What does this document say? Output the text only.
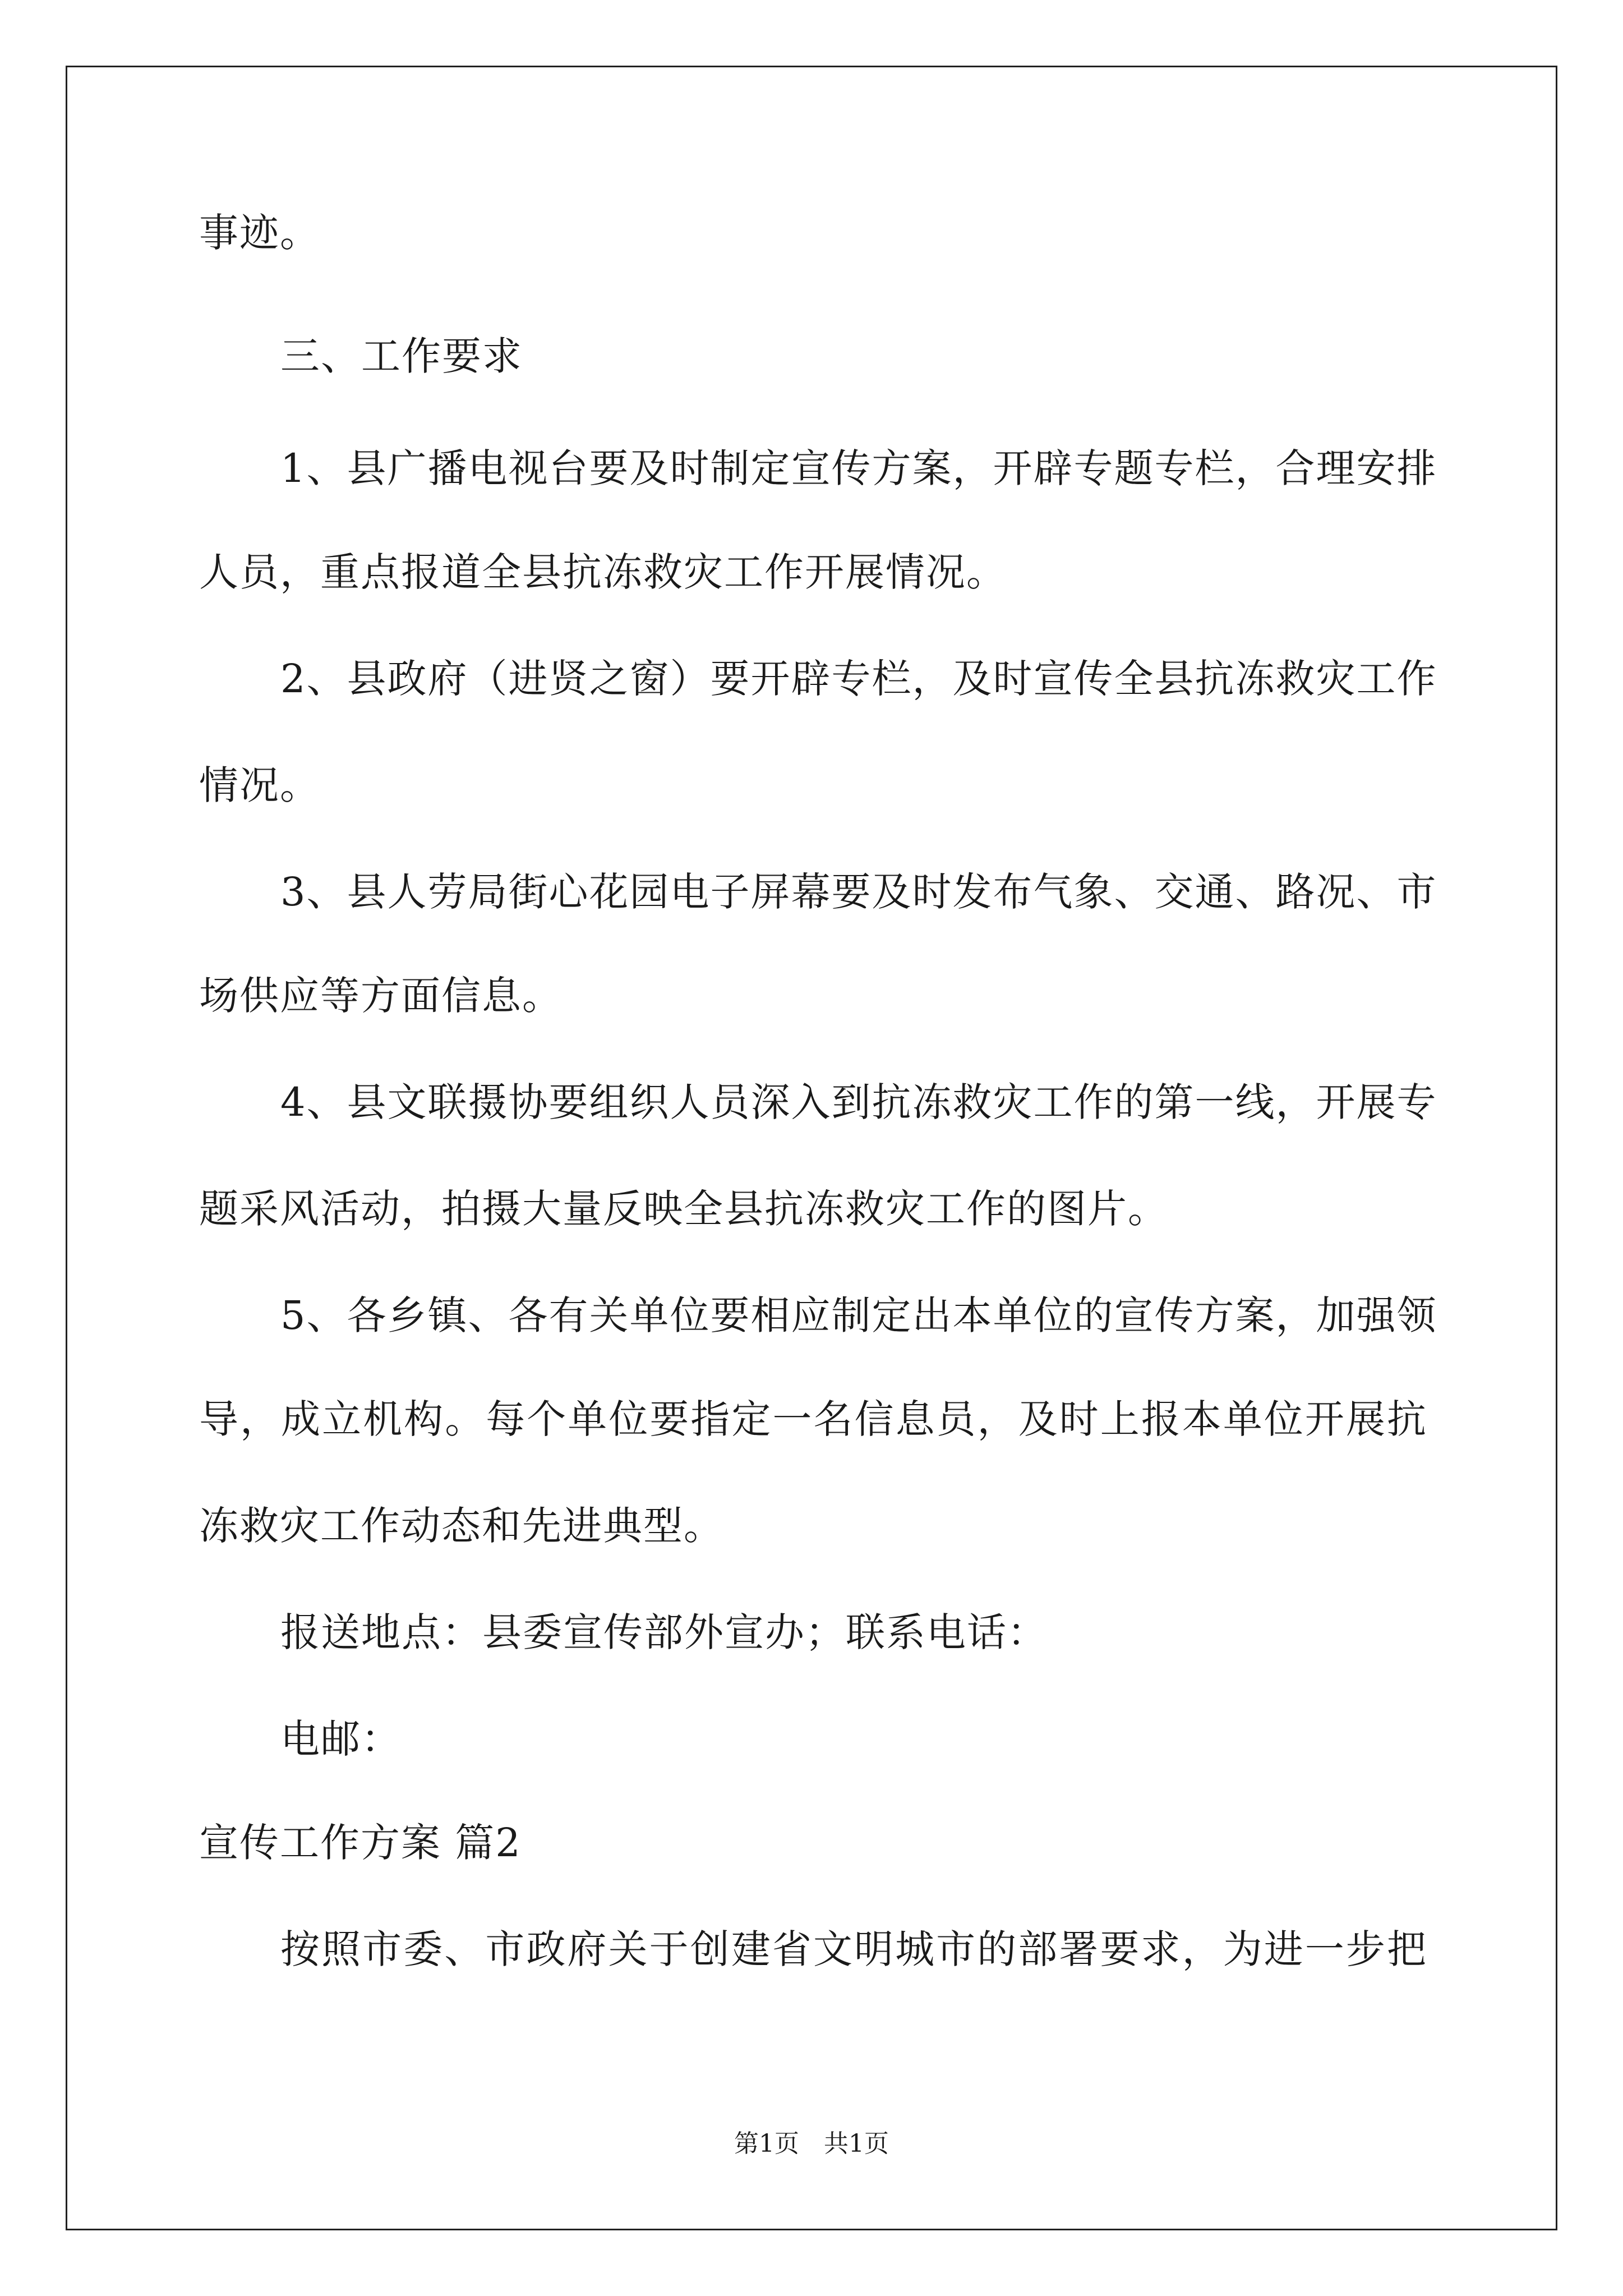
事迹。
三、工作要求
1、县广播电视台要及时制定宣传方案，开辟专题专栏，合理安排
人员，重点报道全县抗冻救灾工作开展情况。
2、县政府（进贤之窗）要开辟专栏，及时宣传全县抗冻救灾工作
情况。
3、县人劳局街心花园电子屏幕要及时发布气象、交通、路况、市
场供应等方面信息。
4、县文联摄协要组织人员深入到抗冻救灾工作的第一线，开展专
题采风活动，拍摄大量反映全县抗冻救灾工作的图片。
5、各乡镇、各有关单位要相应制定出本单位的宣传方案，加强领
导，成立机构。每个单位要指定一名信息员，及时上报本单位开展抗
冻救灾工作动态和先进典型。
报送地点：县委宣传部外宣办；联系电话：
电邮：
宣传工作方案 篇2
按照市委、市政府关于创建省文明城市的部署要求，为进一步把
第1页　共1页
